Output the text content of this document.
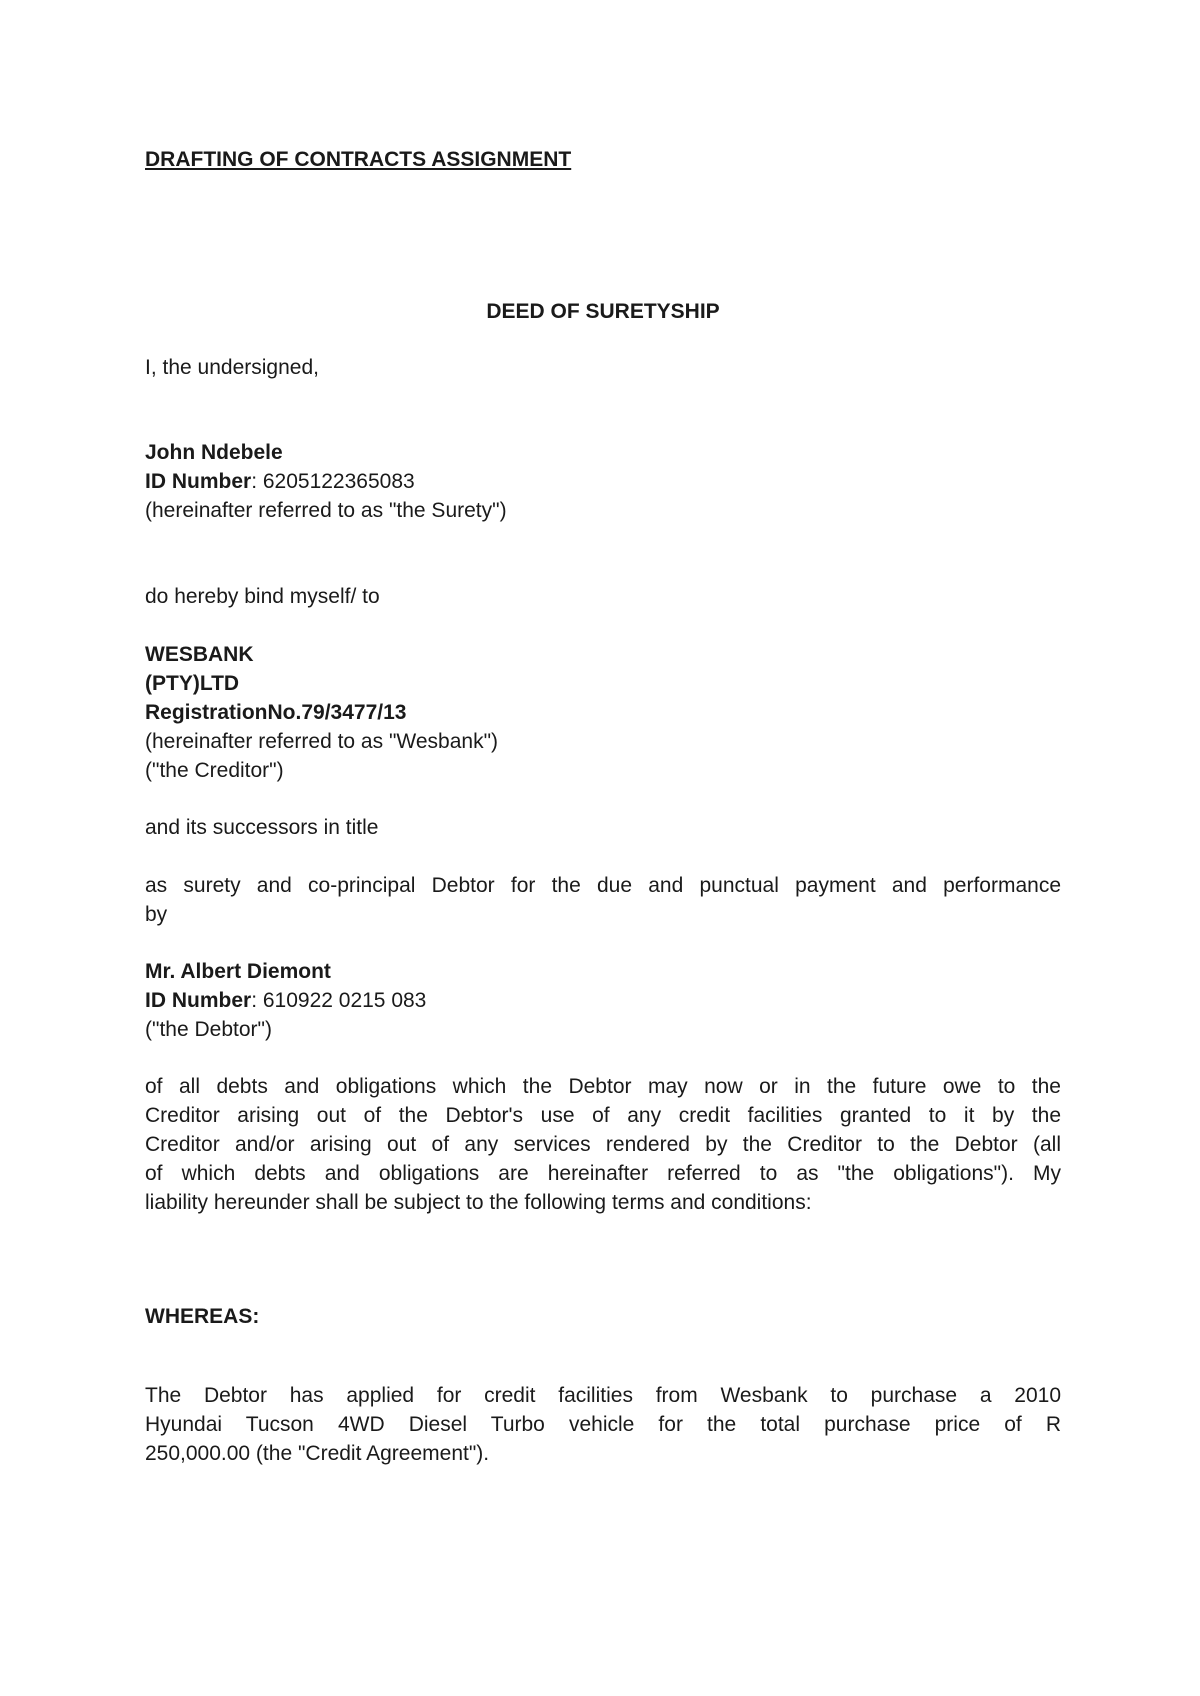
DRAFTING OF CONTRACTS ASSIGNMENT
DEED OF SURETYSHIP
I, the undersigned,
John Ndebele
ID Number: 6205122365083
(hereinafter referred to as "the Surety")
do hereby bind myself/ to
WESBANK
(PTY)LTD
RegistrationNo.79/3477/13
(hereinafter referred to as "Wesbank")
("the Creditor")
and its successors in title
as surety and co-principal Debtor for the due and punctual payment and performance
by
Mr. Albert Diemont
ID Number: 610922 0215 083
("the Debtor")
of all debts and obligations which the Debtor may now or in the future owe to the
Creditor arising out of the Debtor's use of any credit facilities granted to it by the
Creditor and/or arising out of any services rendered by the Creditor to the Debtor (all
of which debts and obligations are hereinafter referred to as "the obligations"). My
liability hereunder shall be subject to the following terms and conditions:
WHEREAS:
The Debtor has applied for credit facilities from Wesbank to purchase a 2010
Hyundai Tucson 4WD Diesel Turbo vehicle for the total purchase price of R
250,000.00 (the "Credit Agreement").
